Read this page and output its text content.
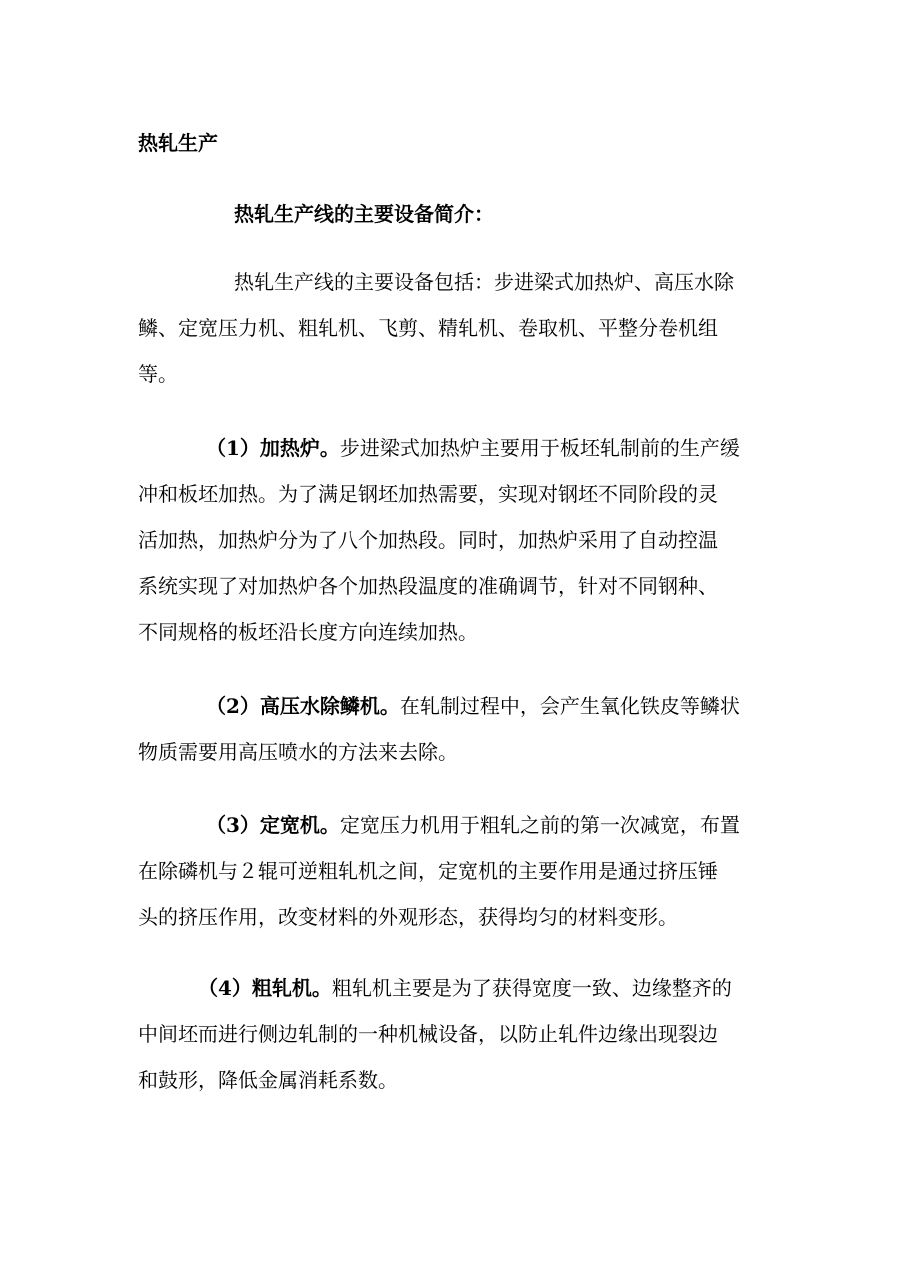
热轧生产
热轧生产线的主要设备简介：
热轧生产线的主要设备包括：步进梁式加热炉、高压水除
鳞、定宽压力机、粗轧机、飞剪、精轧机、卷取机、平整分卷机组
等。
（1）加热炉。步进梁式加热炉主要用于板坯轧制前的生产缓
冲和板坯加热。为了满足钢坯加热需要，实现对钢坯不同阶段的灵
活加热，加热炉分为了八个加热段。同时，加热炉采用了自动控温
系统实现了对加热炉各个加热段温度的准确调节，针对不同钢种、
不同规格的板坯沿长度方向连续加热。
（2）高压水除鳞机。在轧制过程中，会产生氧化铁皮等鳞状
物质需要用高压喷水的方法来去除。
（3）定宽机。定宽压力机用于粗轧之前的第一次减宽，布置
在除磷机与２辊可逆粗轧机之间，定宽机的主要作用是通过挤压锤
头的挤压作用，改变材料的外观形态，获得均匀的材料变形。
（4）粗轧机。粗轧机主要是为了获得宽度一致、边缘整齐的
中间坯而进行侧边轧制的一种机械设备，以防止轧件边缘出现裂边
和鼓形，降低金属消耗系数。
